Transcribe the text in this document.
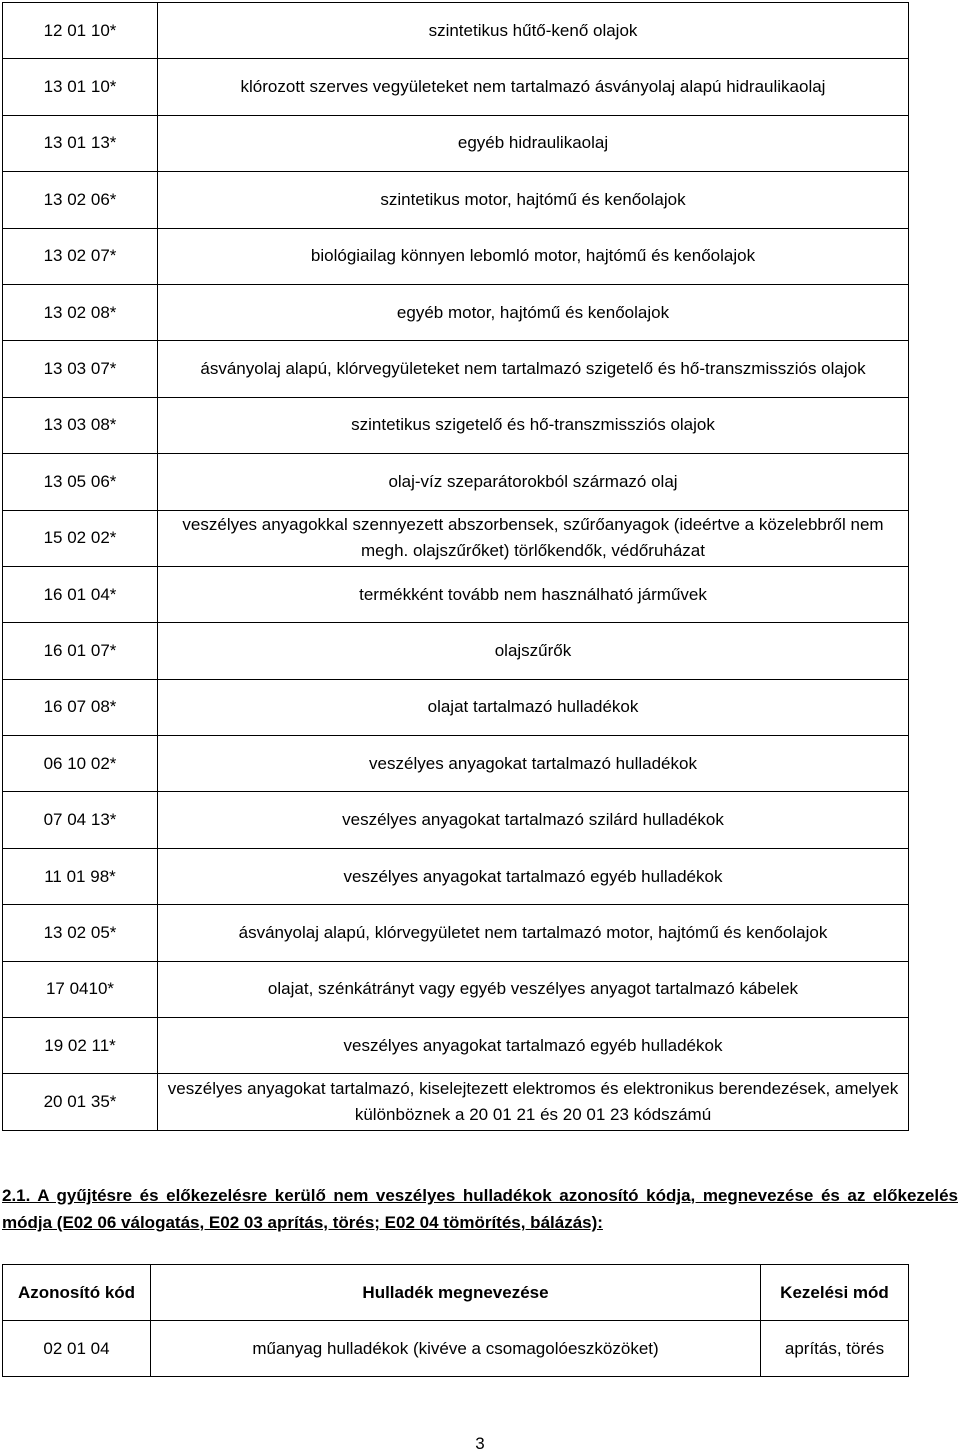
12 01 10*	szintetikus hűtő-kenő olajok
13 01 10*	klórozott szerves vegyületeket nem tartalmazó ásványolaj alapú hidraulikaolaj
13 01 13*	egyéb hidraulikaolaj
13 02 06*	szintetikus motor, hajtómű és kenőolajok
13 02 07*	biológiailag könnyen lebomló motor, hajtómű és kenőolajok
13 02 08*	egyéb motor, hajtómű és kenőolajok
13 03 07*	ásványolaj alapú, klórvegyületeket nem tartalmazó szigetelő és hő-transzmissziós olajok
13 03 08*	szintetikus szigetelő és hő-transzmissziós olajok
13 05 06*	olaj-víz szeparátorokból származó olaj
15 02 02*	veszélyes anyagokkal szennyezett abszorbensek, szűrőanyagok (ideértve a közelebbről nem megh. olajszűrőket) törlőkendők, védőruházat
16 01 04*	termékként tovább nem használható járművek
16 01 07*	olajszűrők
16 07 08*	olajat tartalmazó hulladékok
06 10 02*	veszélyes anyagokat tartalmazó hulladékok
07 04 13*	veszélyes anyagokat tartalmazó szilárd hulladékok
11 01 98*	veszélyes anyagokat tartalmazó egyéb hulladékok
13 02 05*	ásványolaj alapú, klórvegyületet nem tartalmazó motor, hajtómű és kenőolajok
17 0410*	olajat, szénkátrányt vagy egyéb veszélyes anyagot tartalmazó kábelek
19 02 11*	veszélyes anyagokat tartalmazó egyéb hulladékok
20 01 35*	veszélyes anyagokat tartalmazó, kiselejtezett elektromos és elektronikus berendezések, amelyek különböznek a 20 01 21 és 20 01 23 kódszámú
2.1. A gyűjtésre és előkezelésre kerülő nem veszélyes hulladékok azonosító kódja, megnevezése és az előkezelés módja (E02 06 válogatás, E02 03 aprítás, törés; E02 04 tömörítés, bálázás):
Azonosító kód	Hulladék megnevezése	Kezelési mód
02 01 04	műanyag hulladékok (kivéve a csomagolóeszközöket)	aprítás, törés
3
